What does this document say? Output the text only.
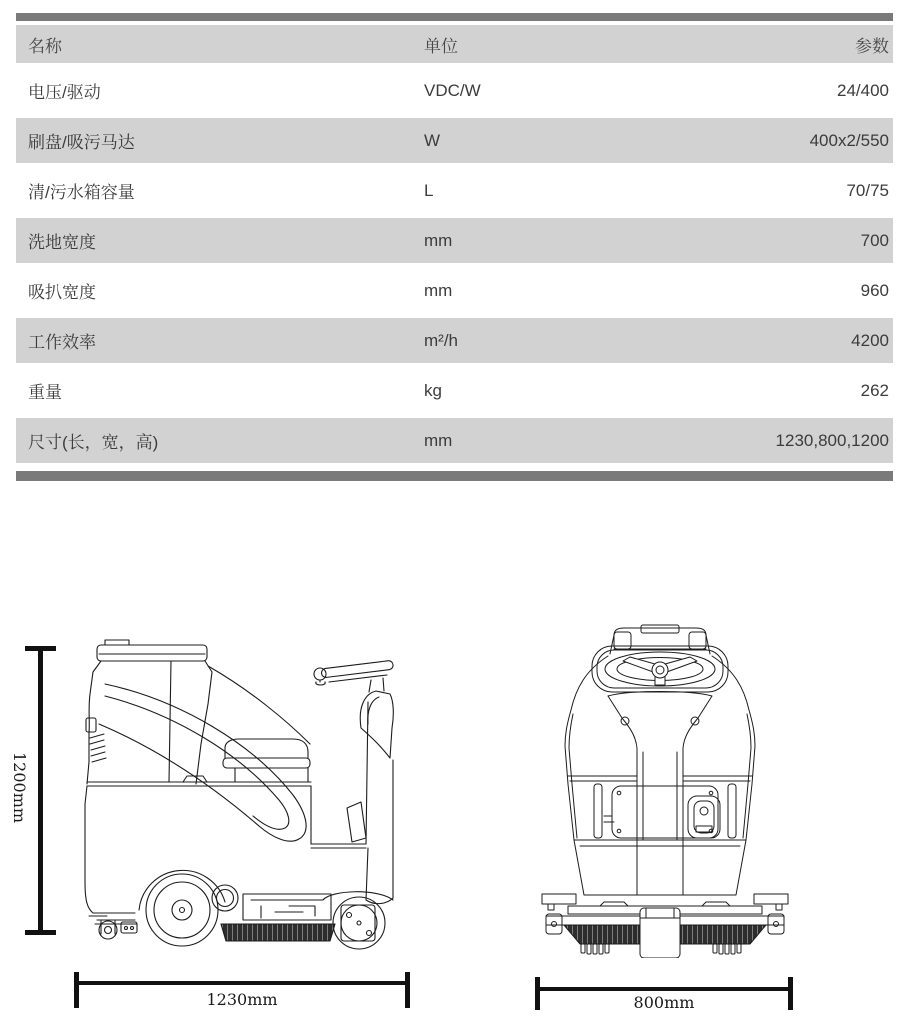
名称	单位	参数
电压/驱动	VDC/W	24/400
刷盘/吸污马达	W	400x2/550
清/污水箱容量	L	70/75
洗地宽度	mm	700
吸扒宽度	mm	960
工作效率	m²/h	4200
重量	kg	262
尺寸(长，宽，高)	mm	1230,800,1200
1200mm
1230mm	800mm
